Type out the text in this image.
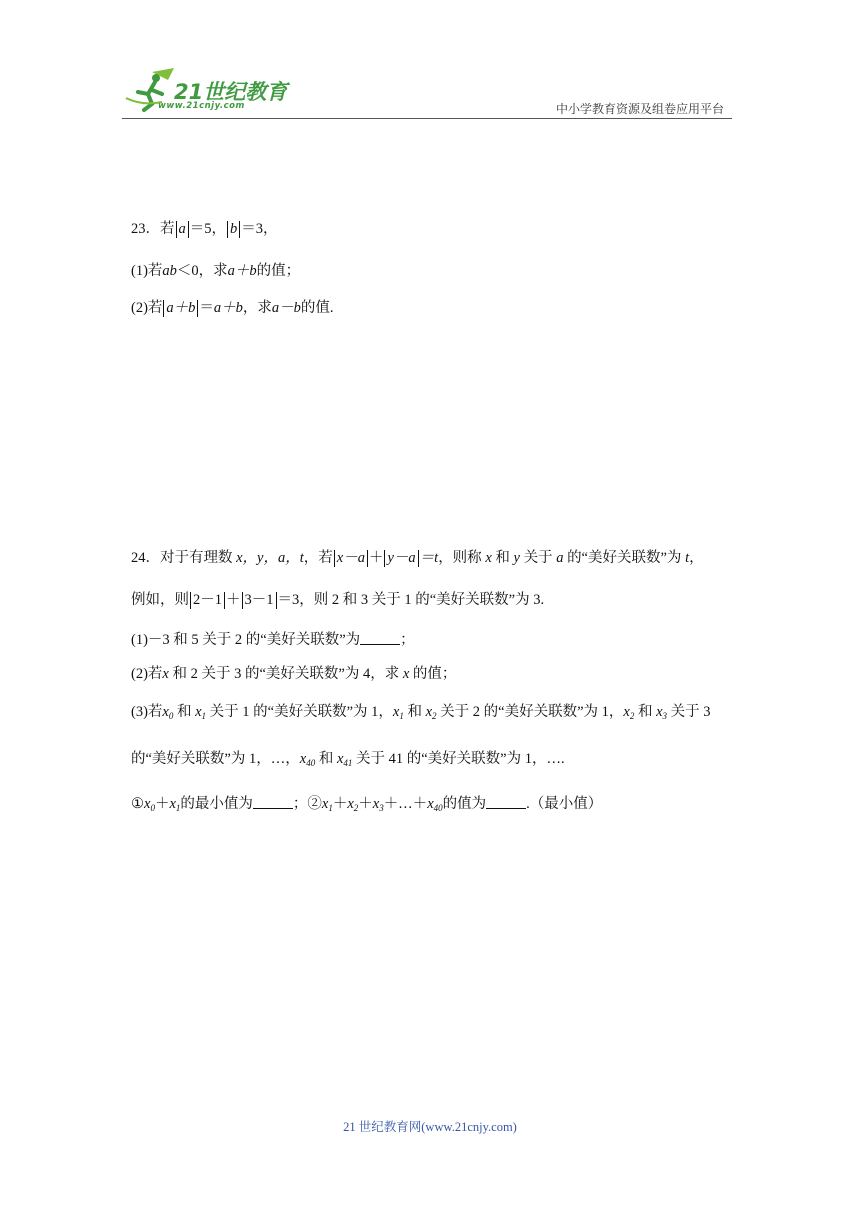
21世纪教育
www.21cnjy.com	中小学教育资源及组卷应用平台
23．若 a ＝5， b ＝3，
(1)若ab＜0，求a＋b的值；
(2)若 a＋b ＝a＋b，求a－b的值.
24．对于有理数 x，y，a，t，若 x－a ＋ y－a ＝t，则称 x 和 y 关于 a 的“美好关联数”为 t，
例如，则 2－1 ＋ 3－1 ＝3，则 2 和 3 关于 1 的“美好关联数”为 3.
(1)－3 和 5 关于 2 的“美好关联数”为	；
(2)若x 和 2 关于 3 的“美好关联数”为 4，求 x 的值；
(3)若$x_0$ 和 $x_1$ 关于 1 的“美好关联数”为 1，$x_1$ 和 $x_2$ 关于 2 的“美好关联数”为 1，$x_2$ 和 $x_3$ 关于 3
的“美好关联数”为 1，…，$x_{40}$ 和 $x_{41}$ 关于 41 的“美好关联数”为 1，….
$①x_0+x_1$的最小值为	；$②x_1+x_2+x_3+\dots+x_{40}$的值为	.（最小值）
21 世纪教育网(www.21cnjy.com)
